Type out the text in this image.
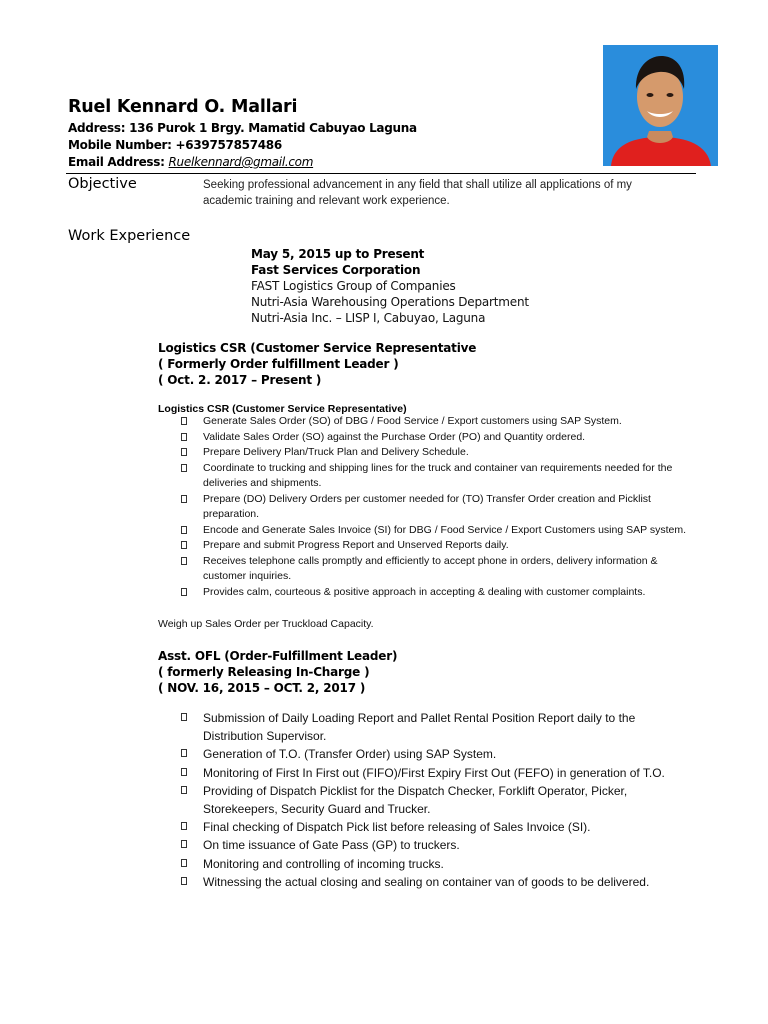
Ruel Kennard O. Mallari
Address: 136 Purok 1 Brgy. Mamatid Cabuyao Laguna
Mobile Number: +639757857486
Email Address: Ruelkennard@gmail.com
Objective	Seeking professional advancement in any field that shall utilize all applications of my academic training and relevant work experience.
Work Experience
May 5, 2015 up to Present
Fast Services Corporation
FAST Logistics Group of Companies
Nutri-Asia Warehousing Operations Department
Nutri-Asia Inc. – LISP I, Cabuyao, Laguna
Logistics CSR (Customer Service Representative
( Formerly Order fulfillment Leader )
( Oct. 2. 2017 – Present )
Logistics CSR (Customer Service Representative)
Generate Sales Order (SO) of DBG / Food Service / Export customers using SAP System.
Validate Sales Order (SO) against the Purchase Order (PO) and Quantity ordered.
Prepare Delivery Plan/Truck Plan and Delivery Schedule.
Coordinate to trucking and shipping lines for the truck and container van requirements needed for the deliveries and shipments.
Prepare (DO) Delivery Orders per customer needed for (TO) Transfer Order creation and Picklist preparation.
Encode and Generate Sales Invoice (SI) for DBG / Food Service / Export Customers using SAP system.
Prepare and submit Progress Report and Unserved Reports daily.
Receives telephone calls promptly and efficiently to accept phone in orders, delivery information & customer inquiries.
Provides calm, courteous & positive approach in accepting & dealing with customer complaints.
Weigh up Sales Order per Truckload Capacity.
Asst. OFL (Order-Fulfillment Leader)
( formerly Releasing In-Charge )
( NOV. 16, 2015 – OCT. 2, 2017 )
Submission of Daily Loading Report and Pallet Rental Position Report daily to the Distribution Supervisor.
Generation of T.O. (Transfer Order) using SAP System.
Monitoring of First In First out (FIFO)/First Expiry First Out (FEFO) in generation of T.O.
Providing of Dispatch Picklist for the Dispatch Checker, Forklift Operator, Picker, Storekeepers, Security Guard and Trucker.
Final checking of Dispatch Pick list before releasing of Sales Invoice (SI).
On time issuance of Gate Pass (GP) to truckers.
Monitoring and controlling of incoming trucks.
Witnessing the actual closing and sealing on container van of goods to be delivered.
